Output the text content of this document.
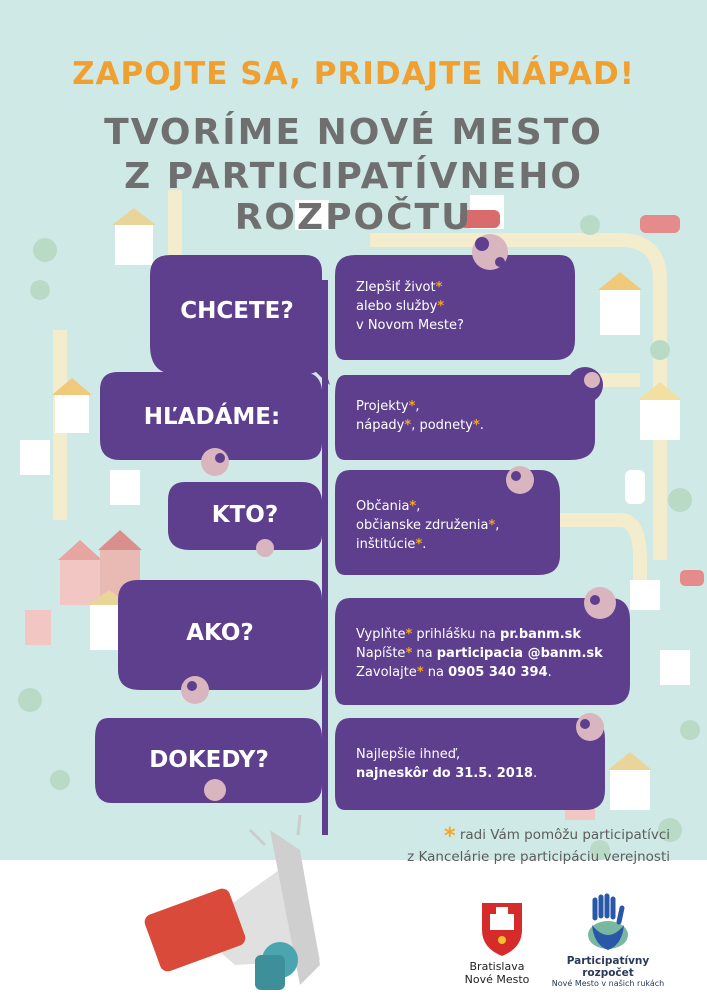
ZAPOJTE SA, PRIDAJTE NÁPAD!
TVORÍME NOVÉ MESTO
Z PARTICIPATÍVNEHO ROZPOČTU
CHCETE?
Zlepšiť život*
alebo služby*
v Novom Meste?
HĽADÁME:	Projekty*,
nápady*, podnety*.
KTO?	Občania*,
občianske združenia*,
inštitúcie*.
AKO?	Vyplňte* prihlášku na pr.banm.sk
Napíšte* na participacia @banm.sk
Zavolajte* na 0905 340 394.
DOKEDY?	Najlepšie ihneď,
najneskôr do 31.5. 2018.
* radi Vám pomôžu participatívci
z Kancelárie pre participáciu verejnosti
Bratislava
Nové Mesto
Participatívny
rozpočet
Nové Mesto v našich rukách
